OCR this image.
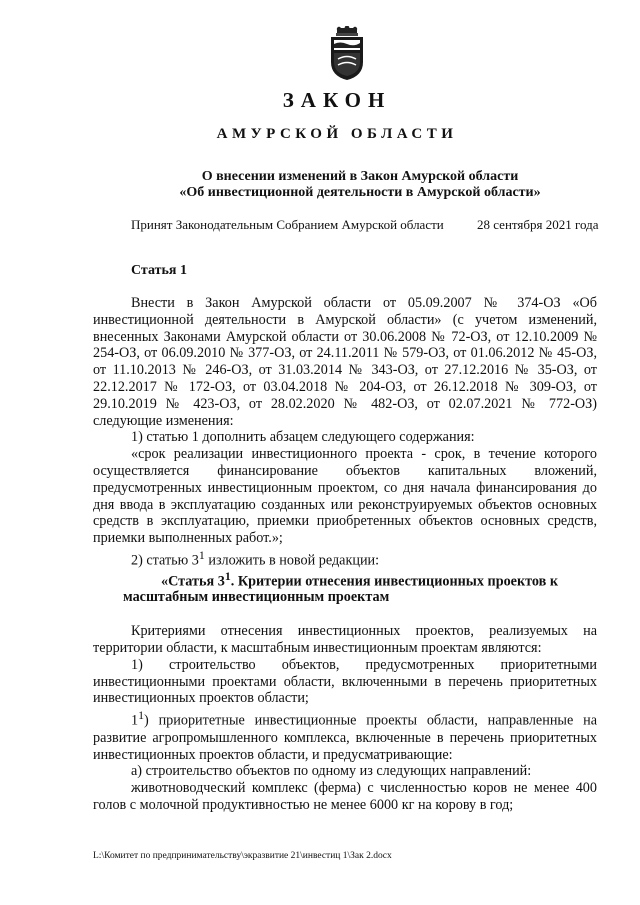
ЗАКОН
АМУРСКОЙ ОБЛАСТИ
О внесении изменений в Закон Амурской области
«Об инвестиционной деятельности в Амурской области»
Принят Законодательным Собранием Амурской области	28 сентября 2021 года
Статья 1

Внести в Закон Амурской области от 05.09.2007 № 374-ОЗ «Об инвестиционной деятельности в Амурской области» (с учетом изменений, внесенных Законами Амурской области от 30.06.2008 № 72-ОЗ, от 12.10.2009 № 254-ОЗ, от 06.09.2010 № 377-ОЗ, от 24.11.2011 № 579-ОЗ, от 01.06.2012 № 45-ОЗ, от 11.10.2013 № 246-ОЗ, от 31.03.2014 № 343-ОЗ, от 27.12.2016 № 35-ОЗ, от 22.12.2017 № 172-ОЗ, от 03.04.2018 № 204-ОЗ, от 26.12.2018 № 309-ОЗ, от 29.10.2019 № 423-ОЗ, от 28.02.2020 № 482-ОЗ, от 02.07.2021 № 772-ОЗ) следующие изменения:

1) статью 1 дополнить абзацем следующего содержания:

«срок реализации инвестиционного проекта - срок, в течение которого осуществляется финансирование объектов капитальных вложений, предусмотренных инвестиционным проектом, со дня начала финансирования до дня ввода в эксплуатацию созданных или реконструируемых объектов основных средств в эксплуатацию, приемки приобретенных объектов основных средств, приемки выполненных работ.»;

2) статью $3^1$ изложить в новой редакции:

«Статья $3^1$. Критерии отнесения инвестиционных проектов к
масштабным инвестиционным проектам

Критериями отнесения инвестиционных проектов, реализуемых на территории области, к масштабным инвестиционным проектам являются:

1) строительство объектов, предусмотренных приоритетными инвестиционными проектами области, включенными в перечень приоритетных инвестиционных проектов области;

$1^1$) приоритетные инвестиционные проекты области, направленные на развитие агропромышленного комплекса, включенные в перечень приоритетных инвестиционных проектов области, и предусматривающие:

а) строительство объектов по одному из следующих направлений:

животноводческий комплекс (ферма) с численностью коров не менее 400 голов с молочной продуктивностью не менее 6000 кг на корову в год;

L:\Комитет по предпринимательству\экразвитие 21\инвестиц 1\Зак 2.docx
